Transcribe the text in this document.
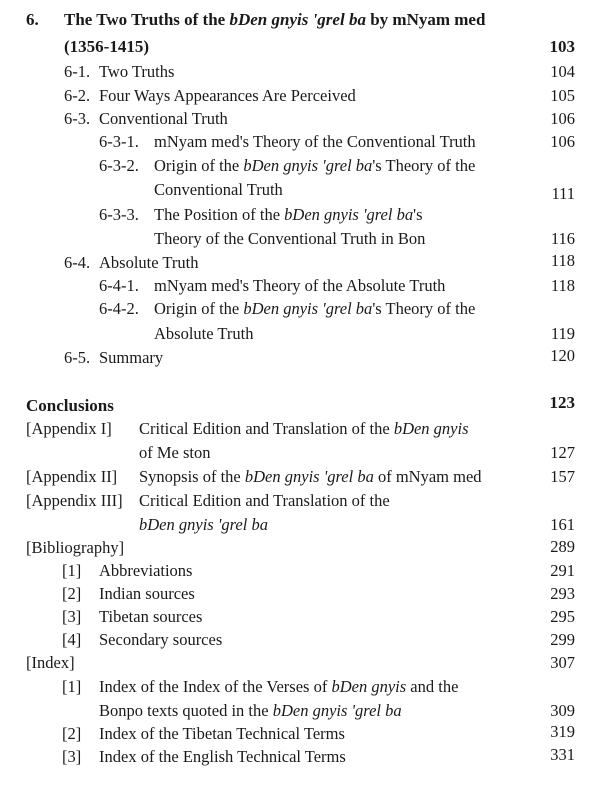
6. The Two Truths of the bDen gnyis 'grel ba by mNyam med
(1356-1415)	103
6-1. Two Truths	104
6-2. Four Ways Appearances Are Perceived	105
6-3. Conventional Truth	106
6-3-1. mNyam med's Theory of the Conventional Truth	106
6-3-2. Origin of the bDen gnyis 'grel ba's Theory of the
Conventional Truth	111
6-3-3. The Position of the bDen gnyis 'grel ba's
Theory of the Conventional Truth in Bon	116
6-4. Absolute Truth	118
6-4-1. mNyam med's Theory of the Absolute Truth	118
6-4-2. Origin of the bDen gnyis 'grel ba's Theory of the
Absolute Truth	119
6-5. Summary	120
Conclusions	123
[Appendix I] Critical Edition and Translation of the bDen gnyis
of Me ston	127
[Appendix II] Synopsis of the bDen gnyis 'grel ba of mNyam med	157
[Appendix III] Critical Edition and Translation of the
bDen gnyis 'grel ba	161
[Bibliography]	289
[1] Abbreviations	291
[2] Indian sources	293
[3] Tibetan sources	295
[4] Secondary sources	299
[Index]	307
[1] Index of the Index of the Verses of bDen gnyis and the
Bonpo texts quoted in the bDen gnyis 'grel ba	309
[2] Index of the Tibetan Technical Terms	319
[3] Index of the English Technical Terms	331
